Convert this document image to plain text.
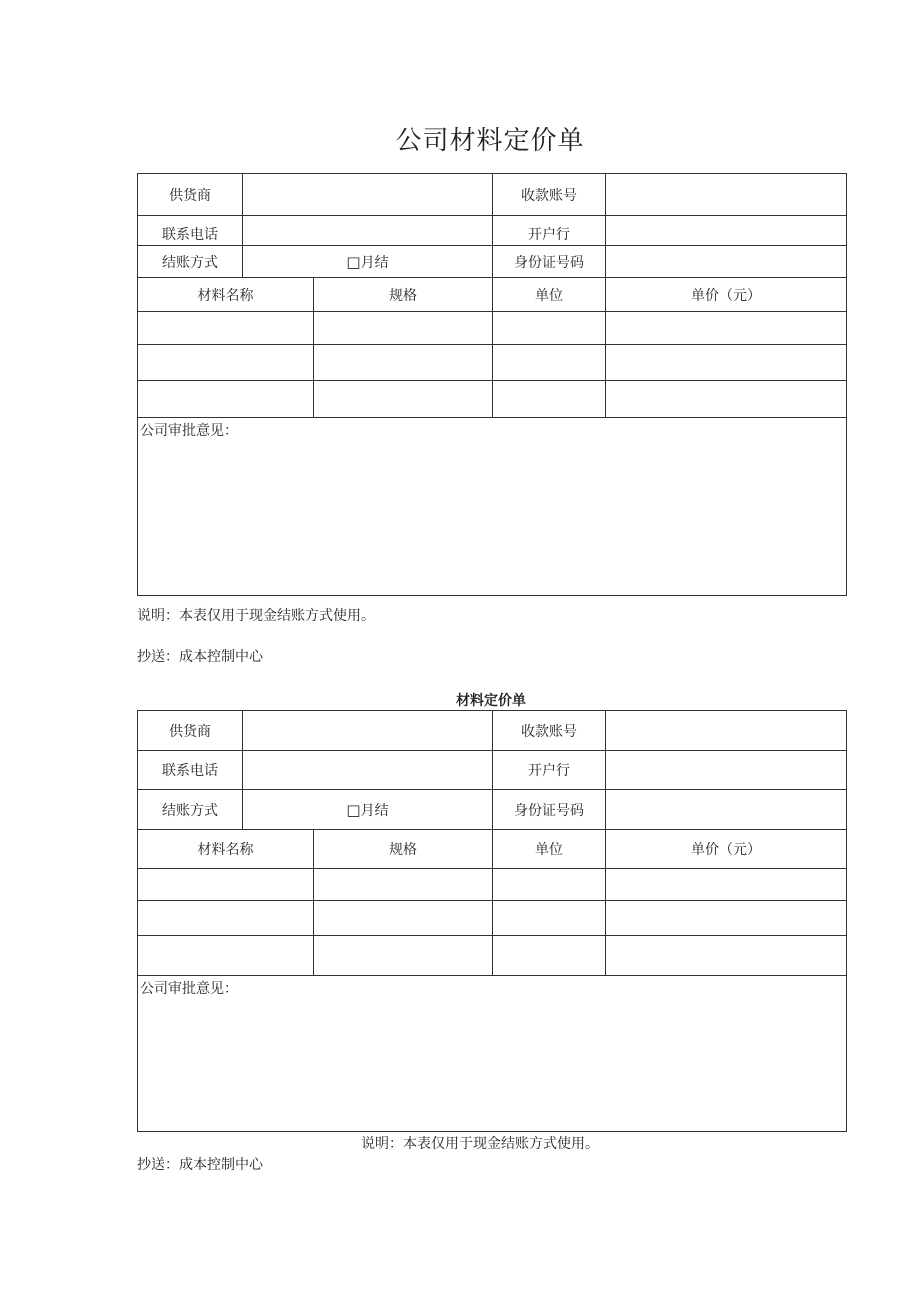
公司材料定价单
供货商			收款账号	
联系电话			开户行	
结账方式	□月结		身份证号码	
材料名称		规格	单位	单价（元）

公司审批意见：				
说明：本表仅用于现金结账方式使用。
抄送：成本控制中心
材料定价单
供货商			收款账号	
联系电话			开户行	
结账方式	□月结		身份证号码	
材料名称		规格	单位	单价（元）

公司审批意见：				
说明：本表仅用于现金结账方式使用。
抄送：成本控制中心
